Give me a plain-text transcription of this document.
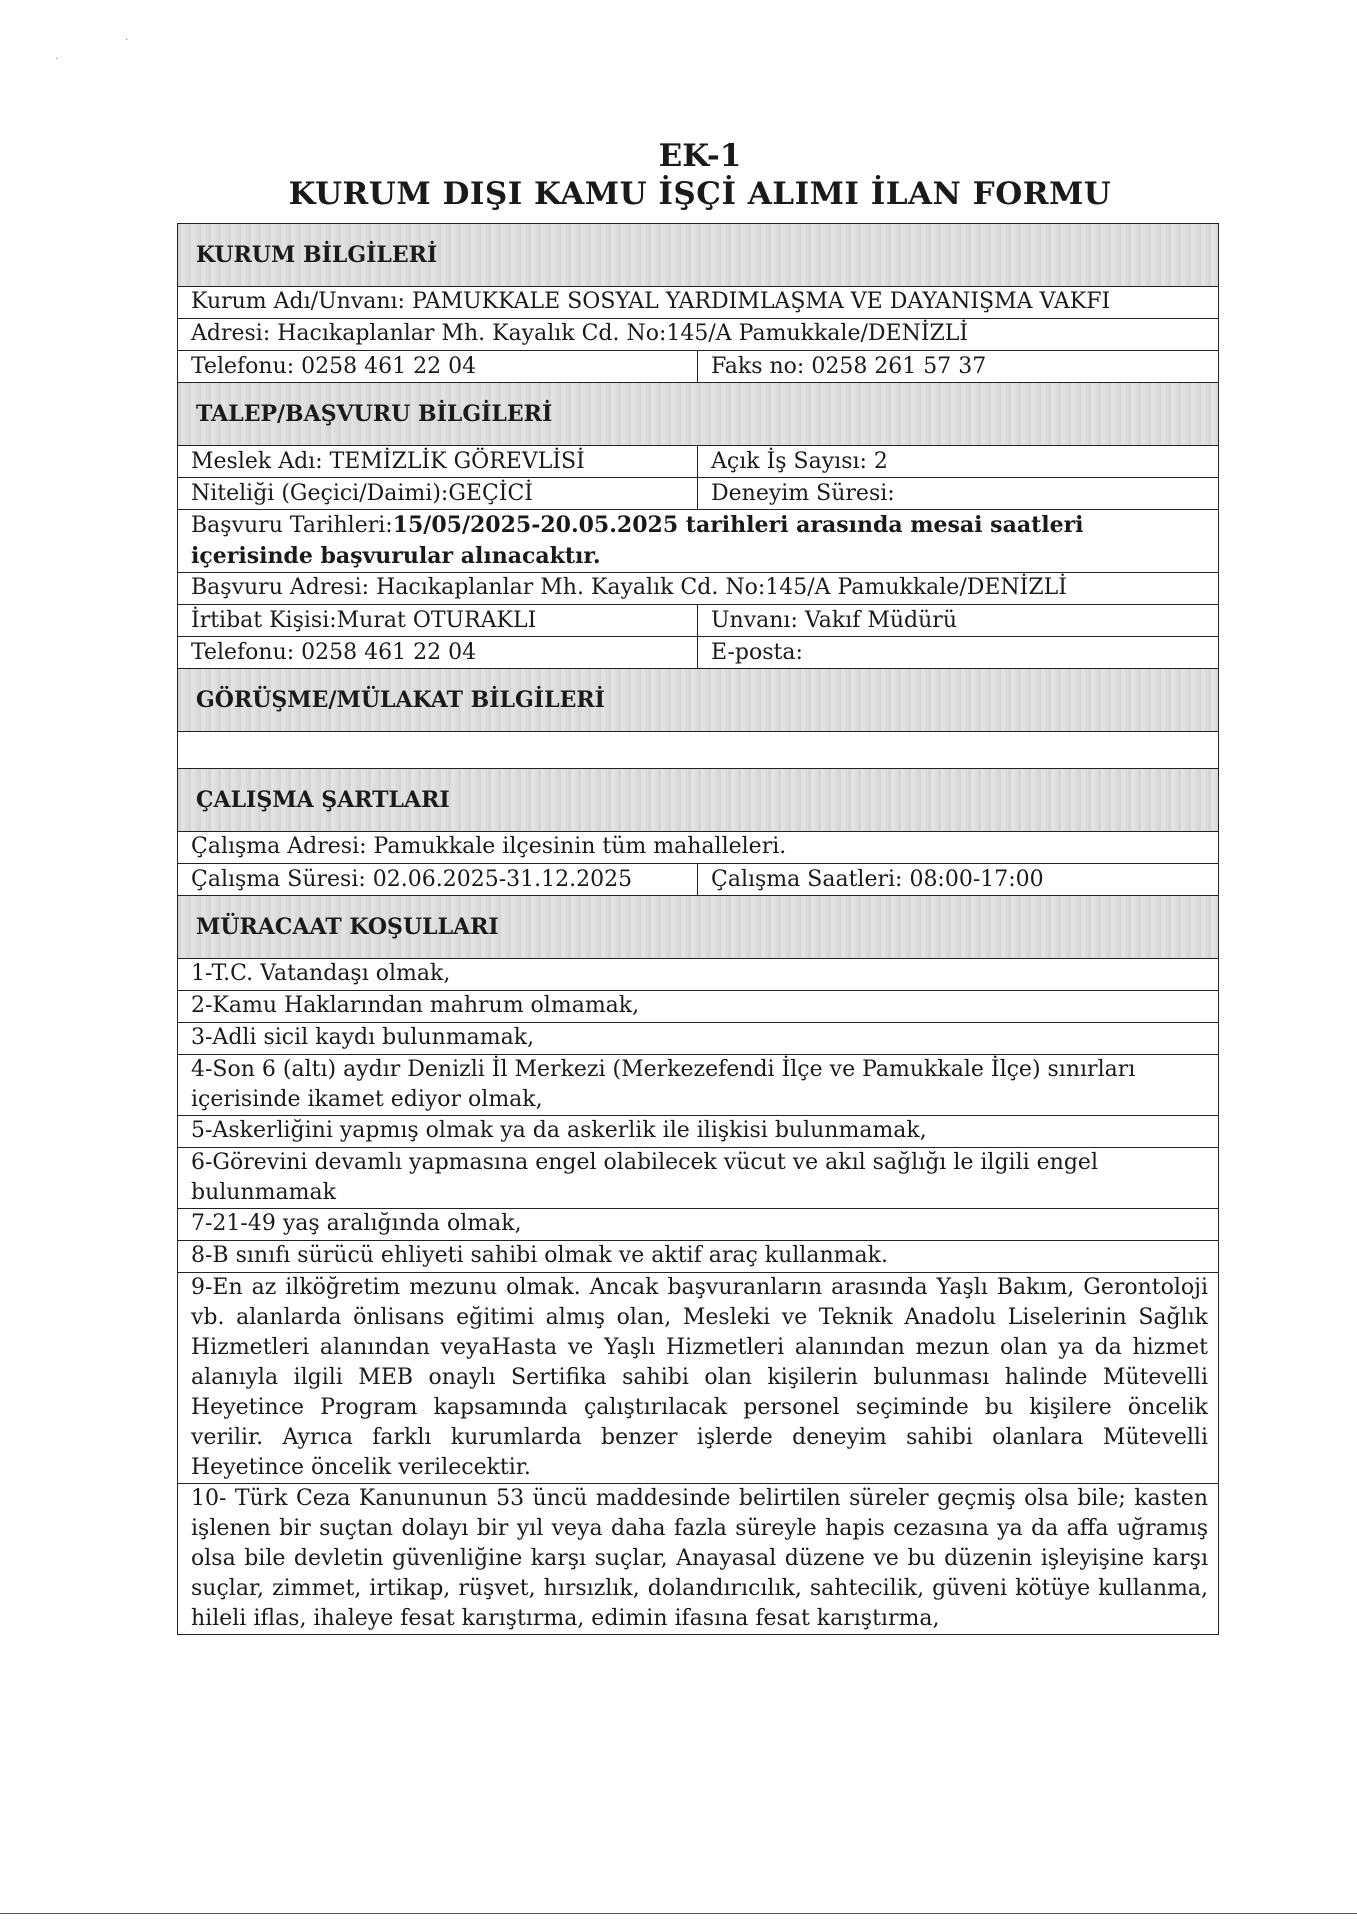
·
·
EK-1
KURUM DIŞI KAMU İŞÇİ ALIMI İLAN FORMU
KURUM BİLGİLERİ
Kurum Adı/Unvanı: PAMUKKALE SOSYAL YARDIMLAŞMA VE DAYANIŞMA VAKFI
Adresi: Hacıkaplanlar Mh. Kayalık Cd. No:145/A Pamukkale/DENİZLİ
Telefonu: 0258 461 22 04	Faks no: 0258 261 57 37
TALEP/BAŞVURU BİLGİLERİ
Meslek Adı: TEMİZLİK GÖREVLİSİ	Açık İş Sayısı: 2
Niteliği (Geçici/Daimi):GEÇİCİ	Deneyim Süresi:
Başvuru Tarihleri:15/05/2025-20.05.2025 tarihleri arasında mesai saatleri içerisinde başvurular alınacaktır.
Başvuru Adresi: Hacıkaplanlar Mh. Kayalık Cd. No:145/A Pamukkale/DENİZLİ
İrtibat Kişisi:Murat OTURAKLI	Unvanı: Vakıf Müdürü
Telefonu: 0258 461 22 04	E-posta:
GÖRÜŞME/MÜLAKAT BİLGİLERİ
ÇALIŞMA ŞARTLARI
Çalışma Adresi: Pamukkale ilçesinin tüm mahalleleri.
Çalışma Süresi: 02.06.2025-31.12.2025	Çalışma Saatleri: 08:00-17:00
MÜRACAAT KOŞULLARI
1-T.C. Vatandaşı olmak,
2-Kamu Haklarından mahrum olmamak,
3-Adli sicil kaydı bulunmamak,
4-Son 6 (altı) aydır Denizli İl Merkezi (Merkezefendi İlçe ve Pamukkale İlçe) sınırları içerisinde ikamet ediyor olmak,
5-Askerliğini yapmış olmak ya da askerlik ile ilişkisi bulunmamak,
6-Görevini devamlı yapmasına engel olabilecek vücut ve akıl sağlığı le ilgili engel bulunmamak
7-21-49 yaş aralığında olmak,
8-B sınıfı sürücü ehliyeti sahibi olmak ve aktif araç kullanmak.
9-En az ilköğretim mezunu olmak. Ancak başvuranların arasında Yaşlı Bakım, Gerontoloji vb. alanlarda önlisans eğitimi almış olan, Mesleki ve Teknik Anadolu Liselerinin Sağlık Hizmetleri alanından veyaHasta ve Yaşlı Hizmetleri alanından mezun olan ya da hizmet alanıyla ilgili MEB onaylı Sertifika sahibi olan kişilerin bulunması halinde Mütevelli Heyetince Program kapsamında çalıştırılacak personel seçiminde bu kişilere öncelik verilir. Ayrıca farklı kurumlarda benzer işlerde deneyim sahibi olanlara Mütevelli Heyetince öncelik verilecektir.
10- Türk Ceza Kanununun 53 üncü maddesinde belirtilen süreler geçmiş olsa bile; kasten işlenen bir suçtan dolayı bir yıl veya daha fazla süreyle hapis cezasına ya da affa uğramış olsa bile devletin güvenliğine karşı suçlar, Anayasal düzene ve bu düzenin işleyişine karşı suçlar, zimmet, irtikap, rüşvet, hırsızlık, dolandırıcılık, sahtecilik, güveni kötüye kullanma, hileli iflas, ihaleye fesat karıştırma, edimin ifasına fesat karıştırma,
